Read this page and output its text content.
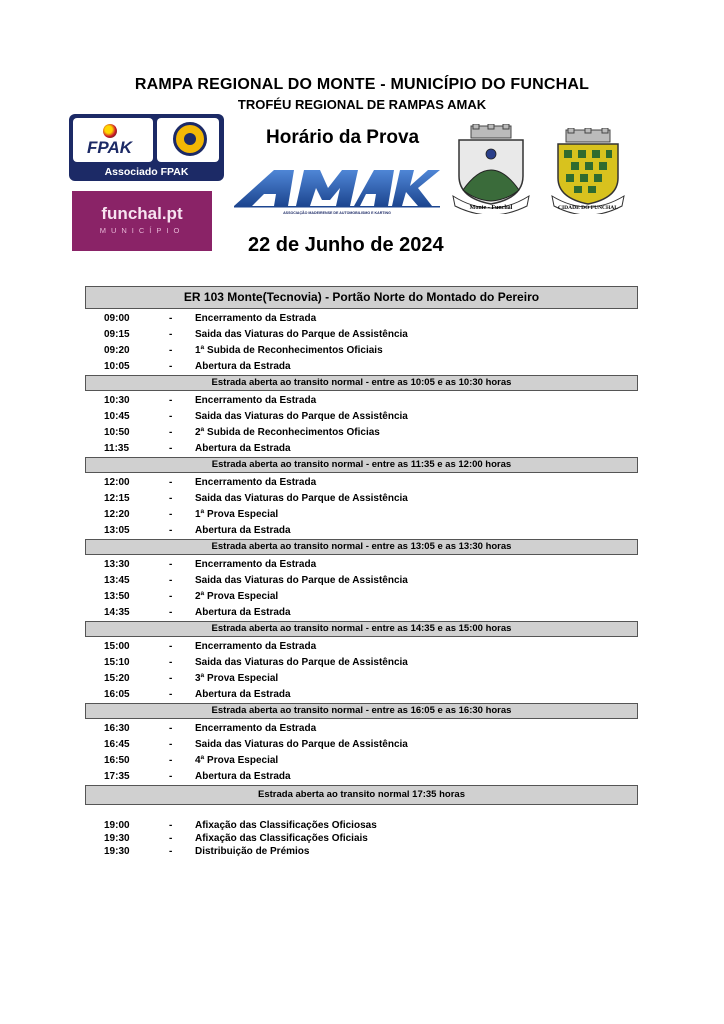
RAMPA REGIONAL DO MONTE - MUNICÍPIO DO FUNCHAL
TROFÉU REGIONAL DE RAMPAS AMAK
FPAK
Associado FPAK
funchal.pt
MUNICÍPIO
Horário da Prova
ASSOCIAÇÃO MADEIRENSE DE AUTOMOBILISMO E KARTING
Monte - Funchal	CIDADE DO FUNCHAL
22 de Junho de 2024
ER 103 Monte(Tecnovia) - Portão Norte do Montado do Pereiro
09:00	- Encerramento da Estrada
09:15	- Saida das Viaturas do Parque de Assistência
09:20	- 1ª Subida de Reconhecimentos Oficiais
10:05	- Abertura da Estrada
Estrada aberta ao transito normal - entre as 10:05 e as 10:30 horas
10:30	- Encerramento da Estrada
10:45	- Saida das Viaturas do Parque de Assistência
10:50	- 2ª Subida de Reconhecimentos Oficias
11:35	- Abertura da Estrada
Estrada aberta ao transito normal - entre as 11:35 e as 12:00 horas
12:00	- Encerramento da Estrada
12:15	- Saida das Viaturas do Parque de Assistência
12:20	- 1ª Prova Especial
13:05	- Abertura da Estrada
Estrada aberta ao transito normal - entre as 13:05 e as 13:30 horas
13:30	- Encerramento da Estrada
13:45	- Saida das Viaturas do Parque de Assistência
13:50	- 2ª Prova Especial
14:35	- Abertura da Estrada
Estrada aberta ao transito normal - entre as 14:35 e as 15:00 horas
15:00	- Encerramento da Estrada
15:10	- Saida das Viaturas do Parque de Assistência
15:20	- 3ª Prova Especial
16:05	- Abertura da Estrada
Estrada aberta ao transito normal - entre as 16:05 e as 16:30 horas
16:30	- Encerramento da Estrada
16:45	- Saida das Viaturas do Parque de Assistência
16:50	- 4ª Prova Especial
17:35	- Abertura da Estrada
Estrada aberta ao transito normal 17:35 horas
19:00	- Afixação das Classificações Oficiosas
19:30	- Afixação das Classificações Oficiais
19:30	- Distribuição de Prémios
